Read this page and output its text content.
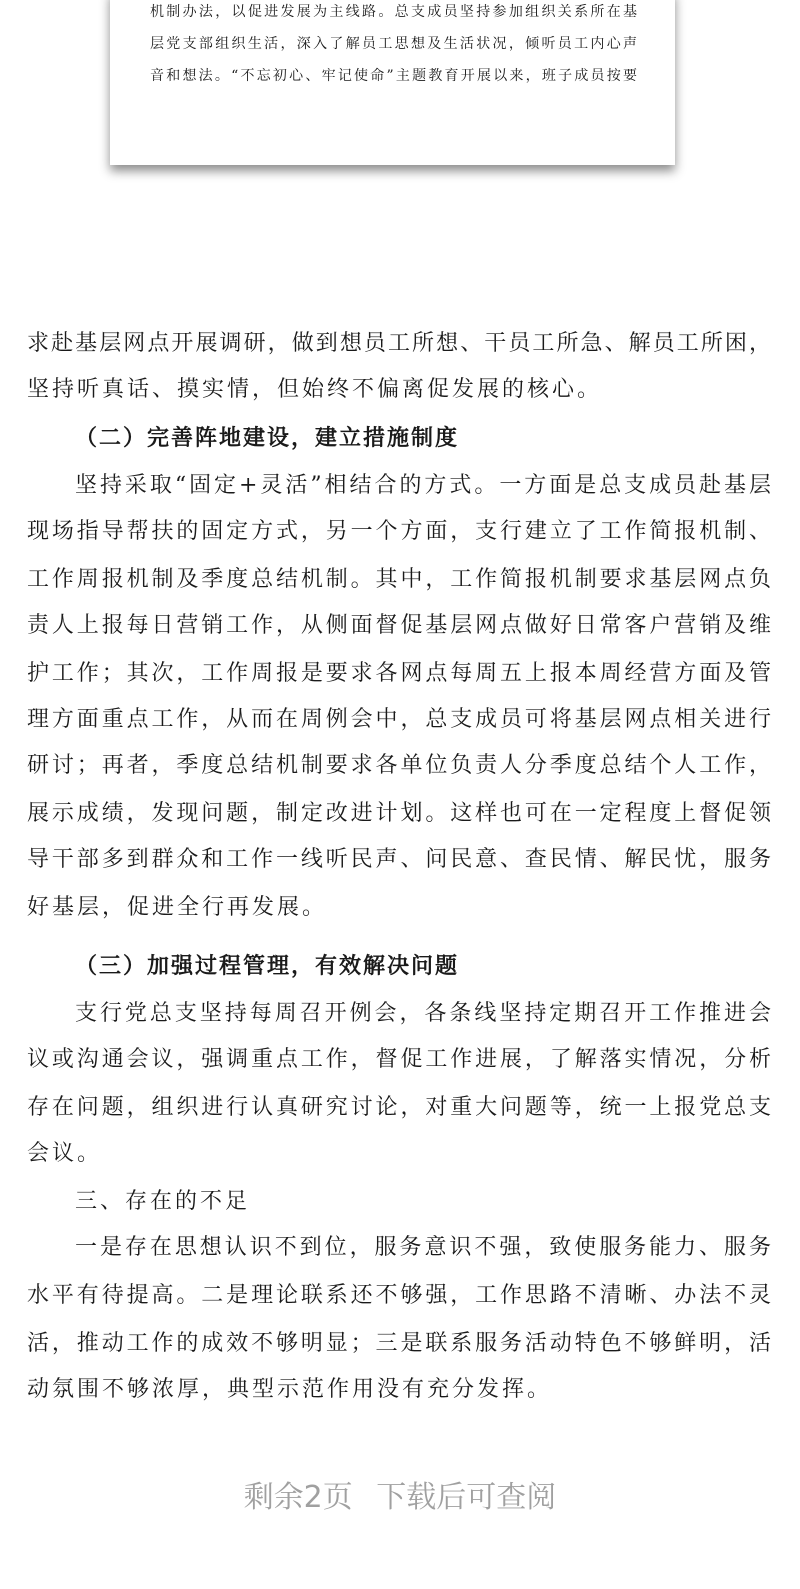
机制办法，以促进发展为主线路。总支成员坚持参加组织关系所在基
层党支部组织生活，深入了解员工思想及生活状况，倾听员工内心声
音和想法。“不忘初心、牢记使命”主题教育开展以来，班子成员按要
求赴基层网点开展调研，做到想员工所想、干员工所急、解员工所困，
坚持听真话、摸实情，但始终不偏离促发展的核心。
（二）完善阵地建设，建立措施制度
坚持采取“固定+灵活”相结合的方式。一方面是总支成员赴基层
现场指导帮扶的固定方式，另一个方面，支行建立了工作简报机制、
工作周报机制及季度总结机制。其中，工作简报机制要求基层网点负
责人上报每日营销工作，从侧面督促基层网点做好日常客户营销及维
护工作；其次，工作周报是要求各网点每周五上报本周经营方面及管
理方面重点工作，从而在周例会中，总支成员可将基层网点相关进行
研讨；再者，季度总结机制要求各单位负责人分季度总结个人工作，
展示成绩，发现问题，制定改进计划。这样也可在一定程度上督促领
导干部多到群众和工作一线听民声、问民意、查民情、解民忧，服务
好基层，促进全行再发展。
（三）加强过程管理，有效解决问题
支行党总支坚持每周召开例会，各条线坚持定期召开工作推进会
议或沟通会议，强调重点工作，督促工作进展，了解落实情况，分析
存在问题，组织进行认真研究讨论，对重大问题等，统一上报党总支
会议。
三、存在的不足
一是存在思想认识不到位，服务意识不强，致使服务能力、服务
水平有待提高。二是理论联系还不够强，工作思路不清晰、办法不灵
活，推动工作的成效不够明显；三是联系服务活动特色不够鲜明，活
动氛围不够浓厚，典型示范作用没有充分发挥。
剩余2页 下载后可查阅
